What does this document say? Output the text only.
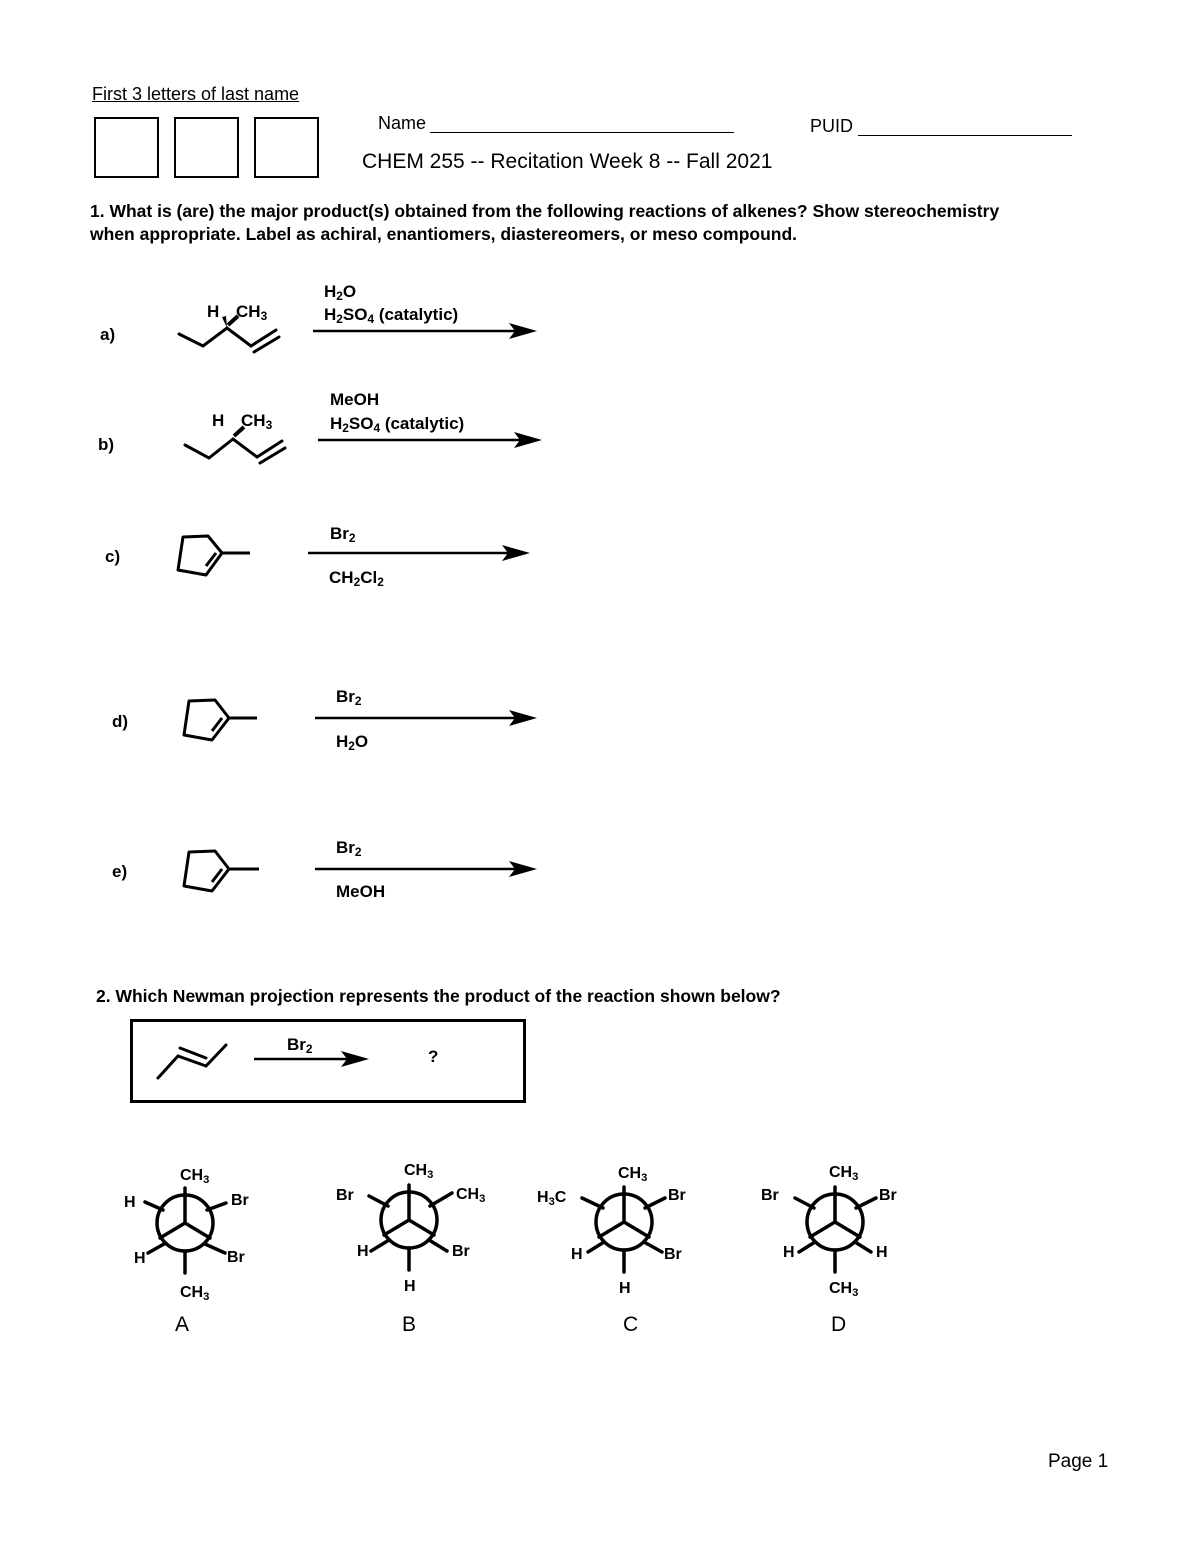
First 3 letters of last name
Name	PUID
CHEM 255 -- Recitation Week 8 -- Fall 2021
1. What is (are) the major product(s) obtained from the following reactions of alkenes? Show stereochemistry
when appropriate. Label as achiral, enantiomers, diastereomers, or meso compound.
a)
H $CH_3$
$H_2O$
$H_2SO_4$ (catalytic)
b)
H $CH_3$
MeOH
$H_2SO_4$ (catalytic)
c)
$Br_2$
$CH_2Cl_2$
d)
$Br_2$
$H_2O$
e)
$Br_2$
MeOH
2. Which Newman projection represents the product of the reaction shown below?
$Br_2$	?
$CH_3$
H	Br
H	Br
$CH_3$
A
$CH_3$
Br	$CH_3$
H	Br
H
B
$CH_3$
$H_3C$	Br
H	Br
H
C
$CH_3$
Br	Br
H	H
$CH_3$
D
Page 1
